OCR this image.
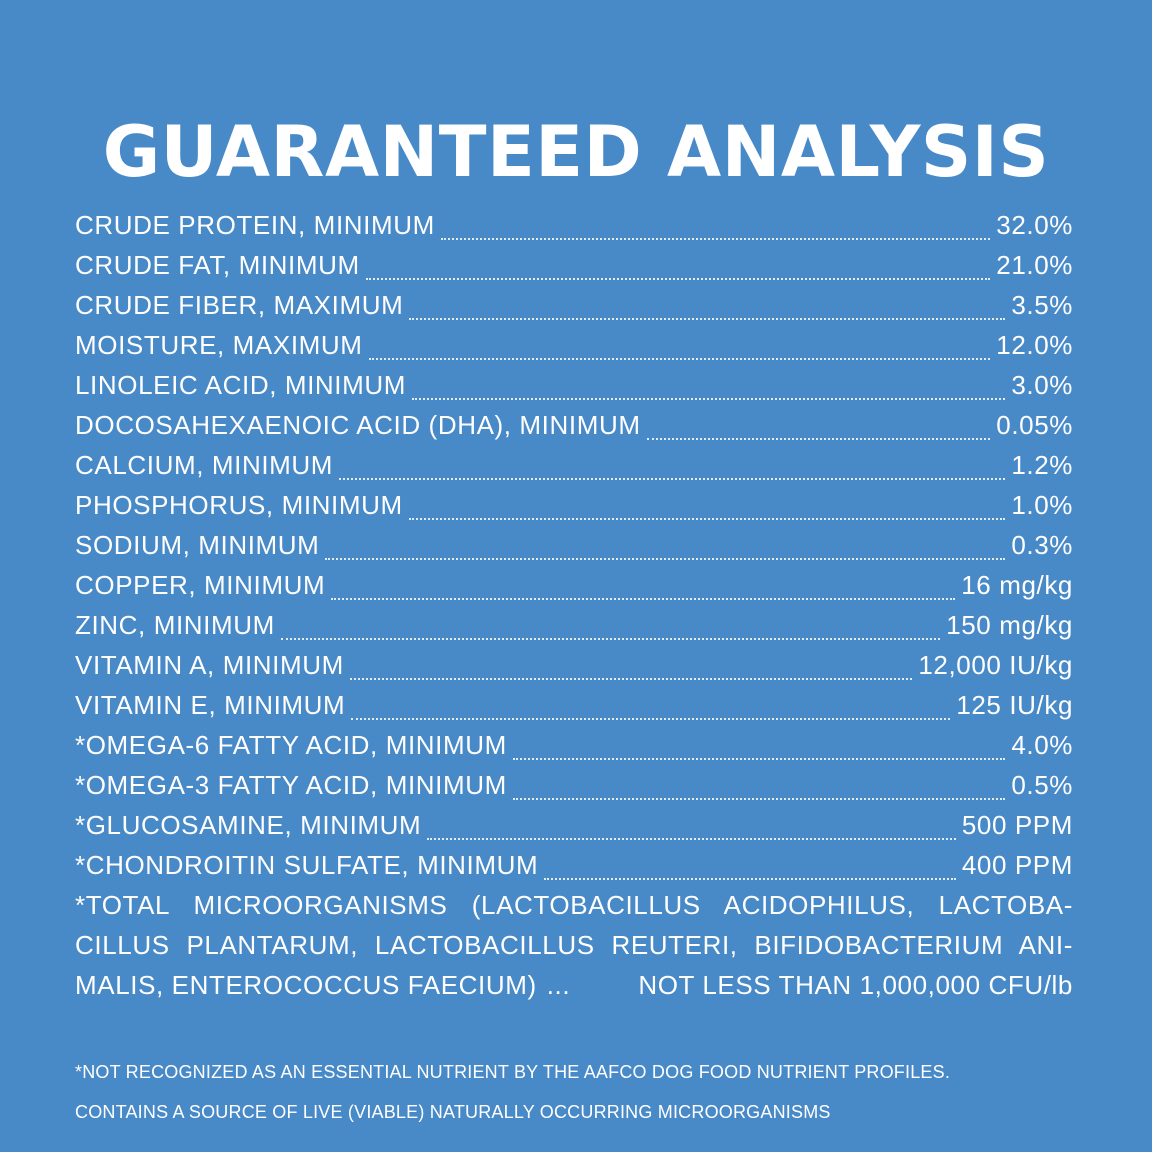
GUARANTEED ANALYSIS
CRUDE PROTEIN, MINIMUM	32.0%
CRUDE FAT, MINIMUM	21.0%
CRUDE FIBER, MAXIMUM	3.5%
MOISTURE, MAXIMUM	12.0%
LINOLEIC ACID, MINIMUM	3.0%
DOCOSAHEXAENOIC ACID (DHA), MINIMUM	0.05%
CALCIUM, MINIMUM	1.2%
PHOSPHORUS, MINIMUM	1.0%
SODIUM, MINIMUM	0.3%
COPPER, MINIMUM	16 mg/kg
ZINC, MINIMUM	150 mg/kg
VITAMIN A, MINIMUM	12,000 IU/kg
VITAMIN E, MINIMUM	125 IU/kg
*OMEGA-6 FATTY ACID, MINIMUM	4.0%
*OMEGA-3 FATTY ACID, MINIMUM	0.5%
*GLUCOSAMINE, MINIMUM	500 PPM
*CHONDROITIN SULFATE, MINIMUM	400 PPM
*TOTAL MICROORGANISMS (LACTOBACILLUS ACIDOPHILUS, LACTOBA-
CILLUS PLANTARUM, LACTOBACILLUS REUTERI, BIFIDOBACTERIUM ANI-
MALIS, ENTEROCOCCUS FAECIUM) ...	NOT LESS THAN 1,000,000 CFU/lb
*NOT RECOGNIZED AS AN ESSENTIAL NUTRIENT BY THE AAFCO DOG FOOD NUTRIENT PROFILES.
CONTAINS A SOURCE OF LIVE (VIABLE) NATURALLY OCCURRING MICROORGANISMS
